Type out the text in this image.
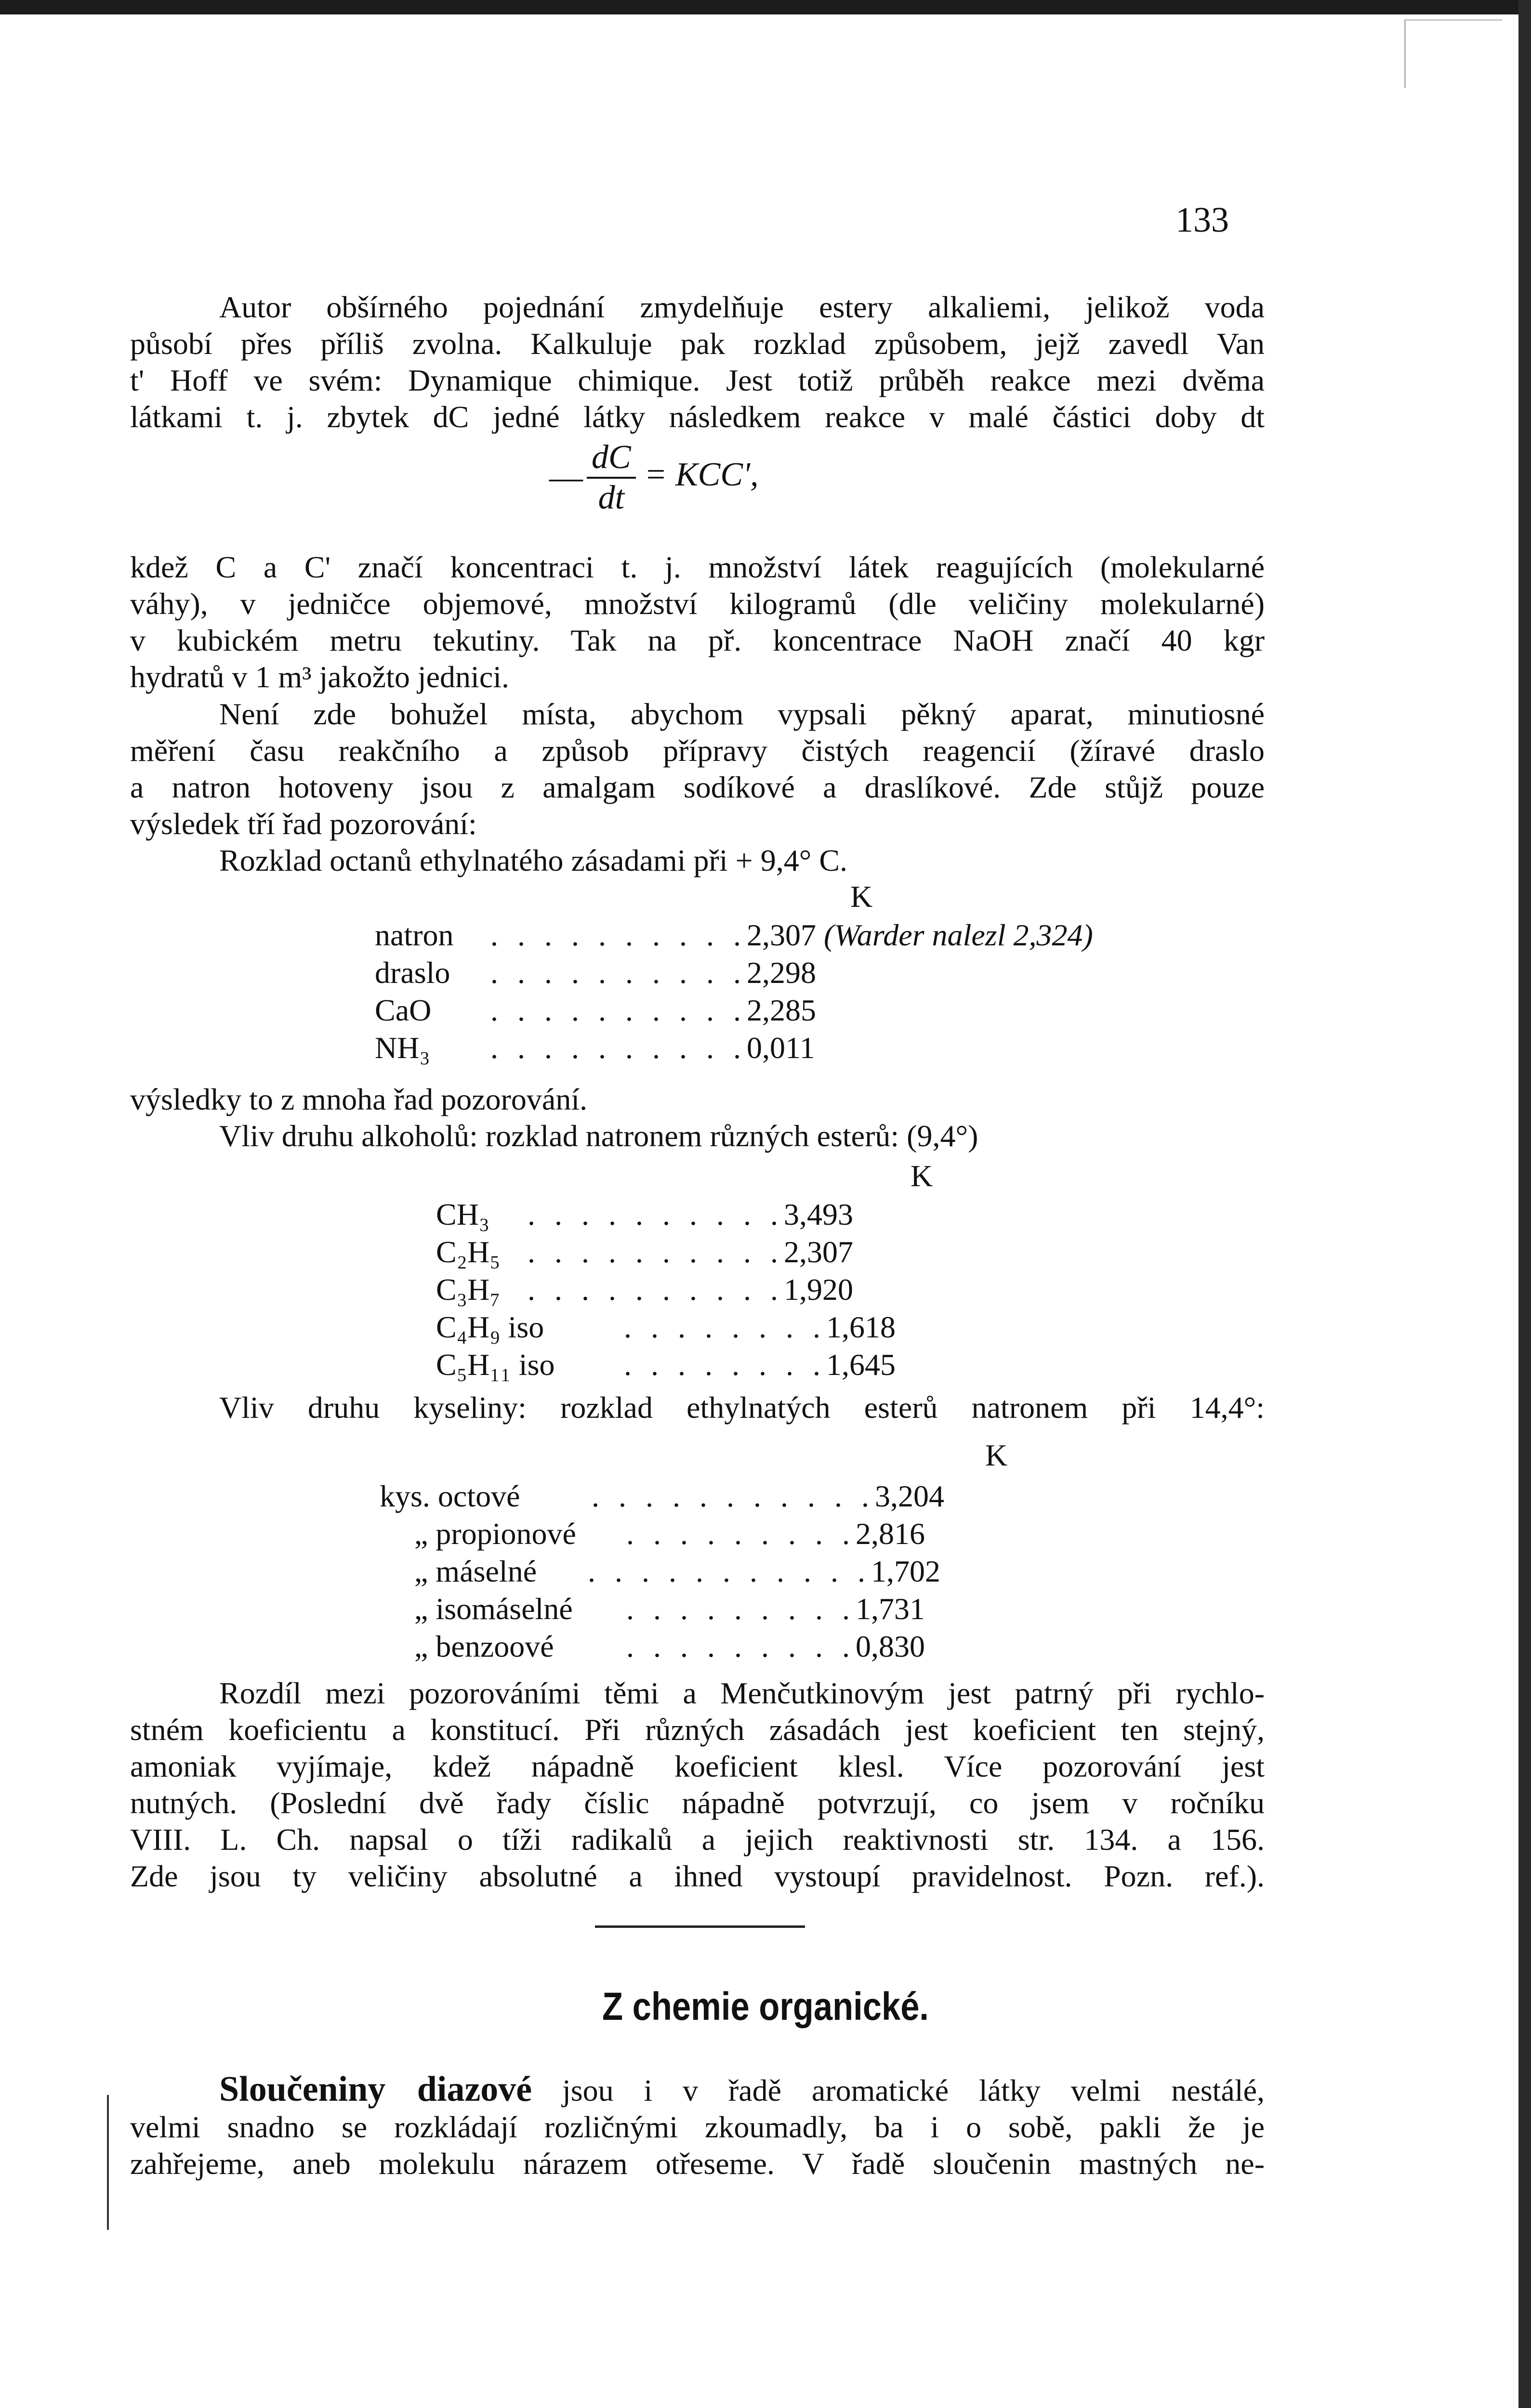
133
Autor obšírného pojednání zmydelňuje estery alkaliemi, jelikož voda
působí přes příliš zvolna. Kalkuluje pak rozklad způsobem, jejž zavedl Van
t' Hoff ve svém: Dynamique chimique. Jest totiž průběh reakce mezi dvěma
látkami t. j. zbytek dC jedné látky následkem reakce v malé částici doby dt
— $\frac{dC}{dt} = KCC'$,
kdež C a C' značí koncentraci t. j. množství látek reagujících (molekularné
váhy), v jedničce objemové, množství kilogramů (dle veličiny molekularné)
v kubickém metru tekutiny. Tak na př. koncentrace NaOH značí 40 kgr
hydratů v 1 m³ jakožto jednici.
Není zde bohužel místa, abychom vypsali pěkný aparat, minutiosné
měření času reakčního a způsob přípravy čistých reagencií (žíravé draslo
a natron hotoveny jsou z amalgam sodíkové a draslíkové. Zde stůjž pouze
výsledek tří řad pozorování:
Rozklad octanů ethylnatého zásadami při + 9,4° C.
K
natron . . . . . . . . . .2,307 (Warder nalezl 2,324)
draslo . . . . . . . . . .2,298
CaO . . . . . . . . . .2,285
NH₃ . . . . . . . . . .0,011
výsledky to z mnoha řad pozorování.
Vliv druhu alkoholů: rozklad natronem různých esterů: (9,4°)
K
CH₃ . . . . . . . . . .3,493
C₂H₅ . . . . . . . . . .2,307
C₃H₇ . . . . . . . . . .1,920
C₄H₉ iso	. . . . . . . .1,618
C₅H₁₁ iso . . . . . . . .1,645
Vliv druhu kyseliny: rozklad ethylnatých esterů natronem při 14,4°:
K
kys. octové . . . . . . . . . . .3,204
„ propionové . . . . . . . . .2,816
„ máselné . . . . . . . . . . .1,702
„ isomáselné . . . . . . . . .1,731
„ benzoové . . . . . . . . .0,830
Rozdíl mezi pozorováními těmi a Menčutkinovým jest patrný při rychlo-
stném koeficientu a konstitucí. Při různých zásadách jest koeficient ten stejný,
amoniak vyjímaje, kdež nápadně koeficient klesl. Více pozorování jest
nutných. (Poslední dvě řady číslic nápadně potvrzují, co jsem v ročníku
VIII. L. Ch. napsal o tíži radikalů a jejich reaktivnosti str. 134. a 156.
Zde jsou ty veličiny absolutné a ihned vystoupí pravidelnost. Pozn. ref.).
Z chemie organické.
Sloučeniny diazové jsou i v řadě aromatické látky velmi nestálé,
velmi snadno se rozkládají rozličnými zkoumadly, ba i o sobě, pakli že je
zahřejeme, aneb molekulu nárazem otřeseme. V řadě sloučenin mastných ne-
